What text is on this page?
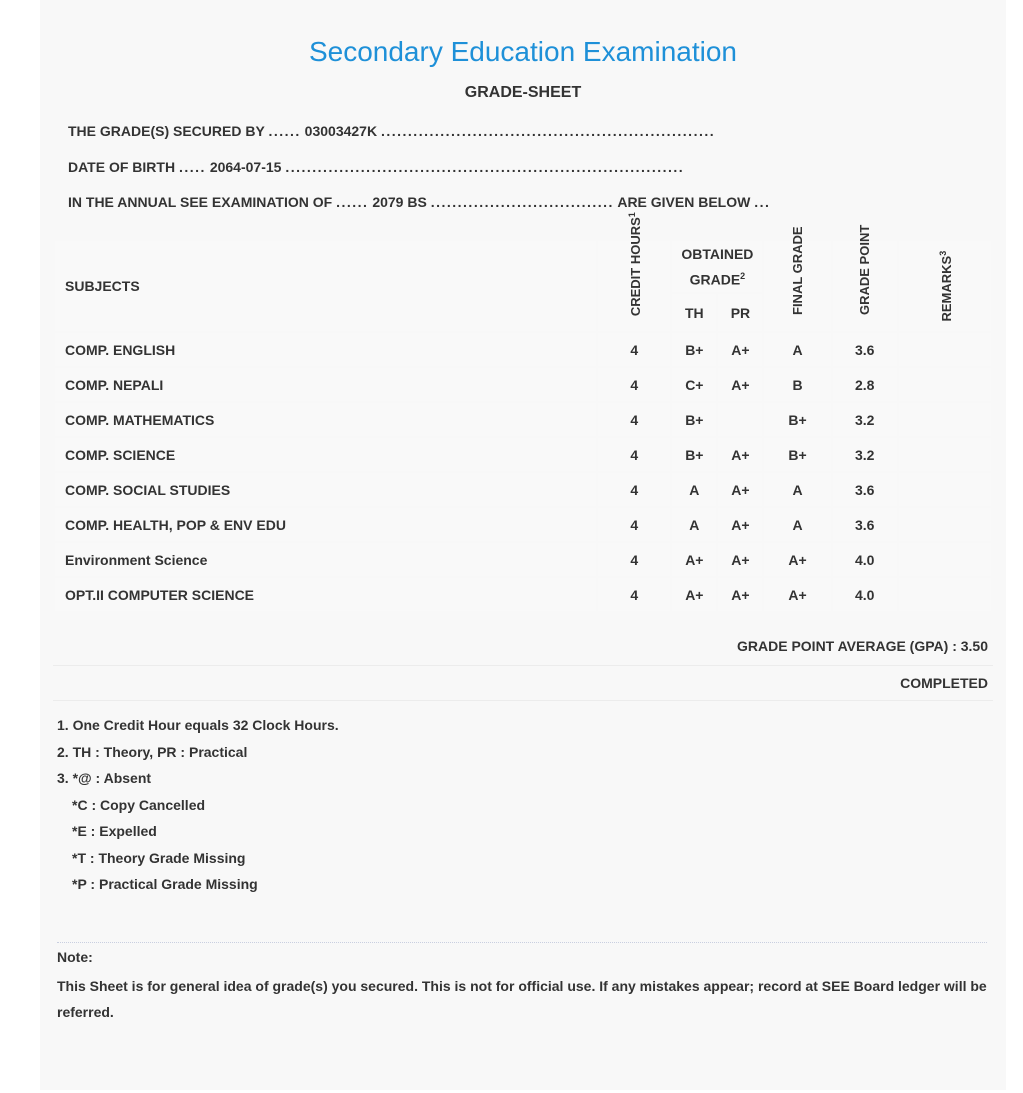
Secondary Education Examination
GRADE-SHEET
THE GRADE(S) SECURED BY ...... 03003427K ..............................................................
DATE OF BIRTH ..... 2064-07-15 ..........................................................................
IN THE ANNUAL SEE EXAMINATION OF ...... 2079 BS .................................. ARE GIVEN BELOW ...
SUBJECTS	CREDIT HOURS$^1$	OBTAINED GRADE$^2$		FINAL GRADE	GRADE POINT	REMARKS$^3$
		TH	PR			
COMP. ENGLISH	4	B+	A+	A	3.6	
COMP. NEPALI	4	C+	A+	B	2.8	
COMP. MATHEMATICS	4	B+		B+	3.2	
COMP. SCIENCE	4	B+	A+	B+	3.2	
COMP. SOCIAL STUDIES	4	A	A+	A	3.6	
COMP. HEALTH, POP & ENV EDU	4	A	A+	A	3.6	
Environment Science	4	A+	A+	A+	4.0	
OPT.II COMPUTER SCIENCE	4	A+	A+	A+	4.0	
GRADE POINT AVERAGE (GPA) : 3.50
COMPLETED
1. One Credit Hour equals 32 Clock Hours.
2. TH : Theory, PR : Practical
3. *@ : Absent
*C : Copy Cancelled
*E : Expelled
*T : Theory Grade Missing
*P : Practical Grade Missing
Note:
This Sheet is for general idea of grade(s) you secured. This is not for official use. If any mistakes appear; record at SEE Board ledger will be referred.
